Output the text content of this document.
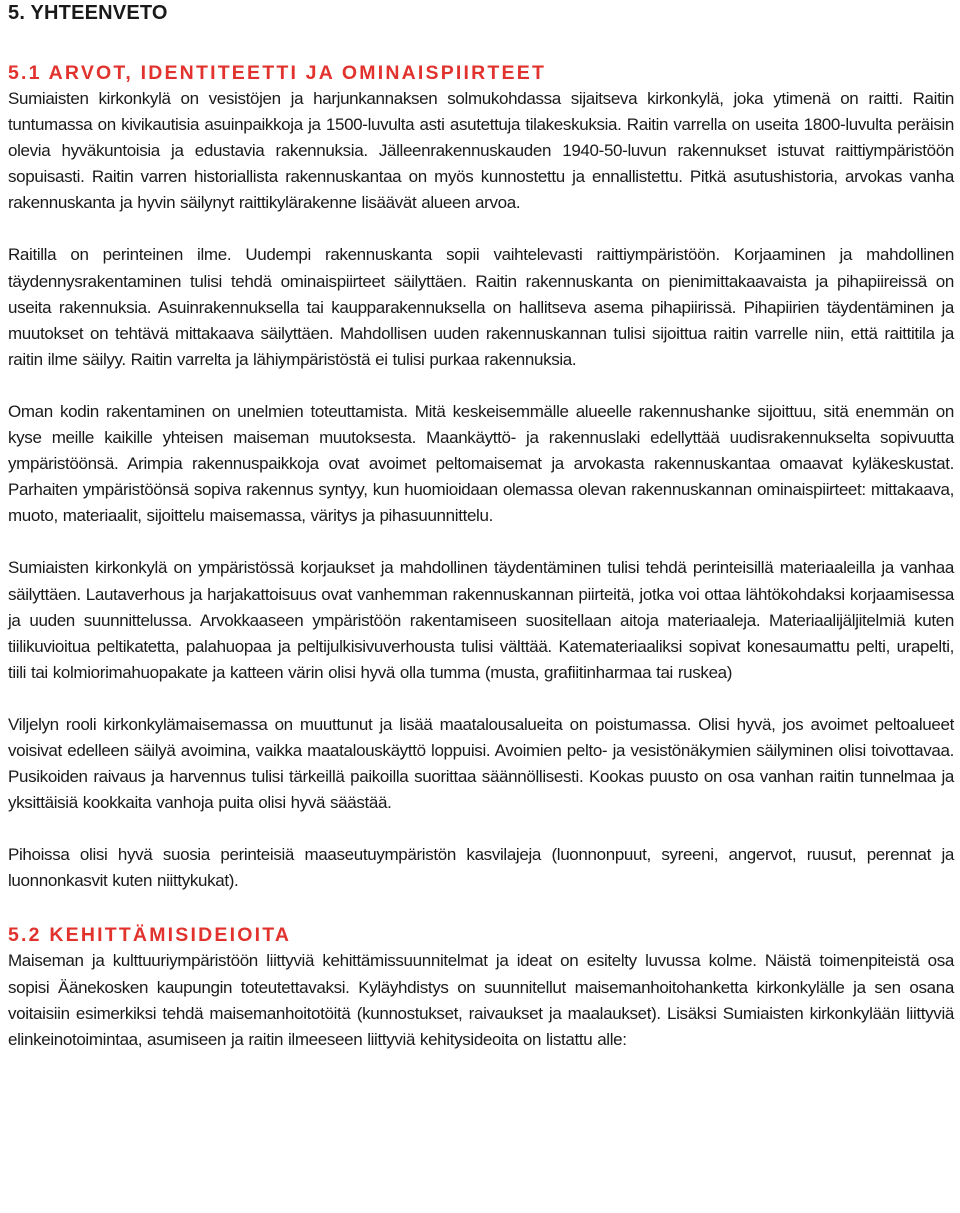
5. YHTEENVETO
5.1 ARVOT, IDENTITEETTI JA OMINAISPIIRTEET

Sumiaisten kirkonkylä on vesistöjen ja harjunkannaksen solmukohdassa sijaitseva kirkonkylä, joka ytimenä on raitti. Raitin tuntumassa on kivikautisia asuinpaikkoja ja 1500-luvulta asti asutettuja tilakeskuksia. Raitin varrella on useita 1800-luvulta peräisin olevia hyväkuntoisia ja edustavia rakennuksia. Jälleenrakennuskauden 1940-50-luvun rakennukset istuvat raittiympäristöön sopuisasti. Raitin varren historiallista rakennuskantaa on myös kunnostettu ja ennallistettu. Pitkä asutushistoria, arvokas vanha rakennuskanta ja hyvin säilynyt raittikylärakenne lisäävät alueen arvoa.

Raitilla on perinteinen ilme. Uudempi rakennuskanta sopii vaihtelevasti raittiympäristöön. Korjaaminen ja mahdollinen täydennysrakentaminen tulisi tehdä ominaispiirteet säilyttäen. Raitin rakennuskanta on pienimittakaavaista ja pihapiireissä on useita rakennuksia. Asuinrakennuksella tai kaupparakennuksella on hallitseva asema pihapiirissä. Pihapiirien täydentäminen ja muutokset on tehtävä mittakaava säilyttäen. Mahdollisen uuden rakennuskannan tulisi sijoittua raitin varrelle niin, että raittitila ja raitin ilme säilyy. Raitin varrelta ja lähiympäristöstä ei tulisi purkaa rakennuksia.

Oman kodin rakentaminen on unelmien toteuttamista. Mitä keskeisemmälle alueelle rakennushanke sijoittuu, sitä enemmän on kyse meille kaikille yhteisen maiseman muutoksesta. Maankäyttö- ja rakennuslaki edellyttää uudisrakennukselta sopivuutta ympäristöönsä. Arimpia rakennuspaikkoja ovat avoimet peltomaisemat ja arvokasta rakennuskantaa omaavat kyläkeskustat. Parhaiten ympäristöönsä sopiva rakennus syntyy, kun huomioidaan olemassa olevan rakennuskannan ominaispiirteet: mittakaava, muoto, materiaalit, sijoittelu maisemassa, väritys ja pihasuunnittelu.

Sumiaisten kirkonkylä on ympäristössä korjaukset ja mahdollinen täydentäminen tulisi tehdä perinteisillä materiaaleilla ja vanhaa säilyttäen. Lautaverhous ja harjakattoisuus ovat vanhemman rakennuskannan piirteitä, jotka voi ottaa lähtökohdaksi korjaamisessa ja uuden suunnittelussa. Arvokkaaseen ympäristöön rakentamiseen suositellaan aitoja materiaaleja. Materiaalijäljitelmiä kuten tiilikuvioitua peltikatetta, palahuopaa ja peltijulkisivuverhousta tulisi välttää. Katemateriaaliksi sopivat konesaumattu pelti, urapelti, tiili tai kolmiorimahuopakate ja katteen värin olisi hyvä olla tumma (musta, grafiitinharmaa tai ruskea)

Viljelyn rooli kirkonkylämaisemassa on muuttunut ja lisää maatalousalueita on poistumassa. Olisi hyvä, jos avoimet peltoalueet voisivat edelleen säilyä avoimina, vaikka maatalouskäyttö loppuisi. Avoimien pelto- ja vesistönäkymien säilyminen olisi toivottavaa. Pusikoiden raivaus ja harvennus tulisi tärkeillä paikoilla suorittaa säännöllisesti. Kookas puusto on osa vanhan raitin tunnelmaa ja yksittäisiä kookkaita vanhoja puita olisi hyvä säästää.

Pihoissa olisi hyvä suosia perinteisiä maaseutuympäristön kasvilajeja (luonnonpuut, syreeni, angervot, ruusut, perennat ja luonnonkasvit kuten niittykukat).

5.2 KEHITTÄMISIDEIOITA

Maiseman ja kulttuuriympäristöön liittyviä kehittämissuunnitelmat ja ideat on esitelty luvussa kolme. Näistä toimenpiteistä osa sopisi Äänekosken kaupungin toteutettavaksi. Kyläyhdistys on suunnitellut maisemanhoitohanketta kirkonkylälle ja sen osana voitaisiin esimerkiksi tehdä maisemanhoitotöitä (kunnostukset, raivaukset ja maalaukset). Lisäksi Sumiaisten kirkonkylään liittyviä elinkeinotoimintaa, asumiseen ja raitin ilmeeseen liittyviä kehitysideoita on listattu alle:
